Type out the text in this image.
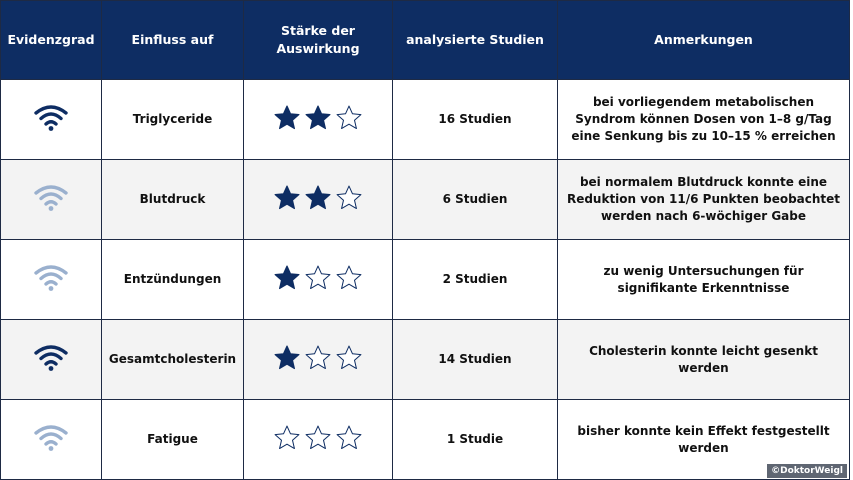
Evidenzgrad	Einfluss auf	Stärke der Auswirkung	analysierte Studien	Anmerkungen
	Triglyceride		16 Studien	bei vorliegendem metabolischen Syndrom können Dosen von 1–8 g/Tag eine Senkung bis zu 10–15 % erreichen
	Blutdruck		6 Studien	bei normalem Blutdruck konnte eine Reduktion von 11/6 Punkten beobachtet werden nach 6-wöchiger Gabe
	Entzündungen		2 Studien	zu wenig Untersuchungen für signifikante Erkenntnisse
	Gesamtcholesterin		14 Studien	Cholesterin konnte leicht gesenkt werden
	Fatigue		1 Studie	bisher konnte kein Effekt festgestellt werden
©DoktorWeigl
